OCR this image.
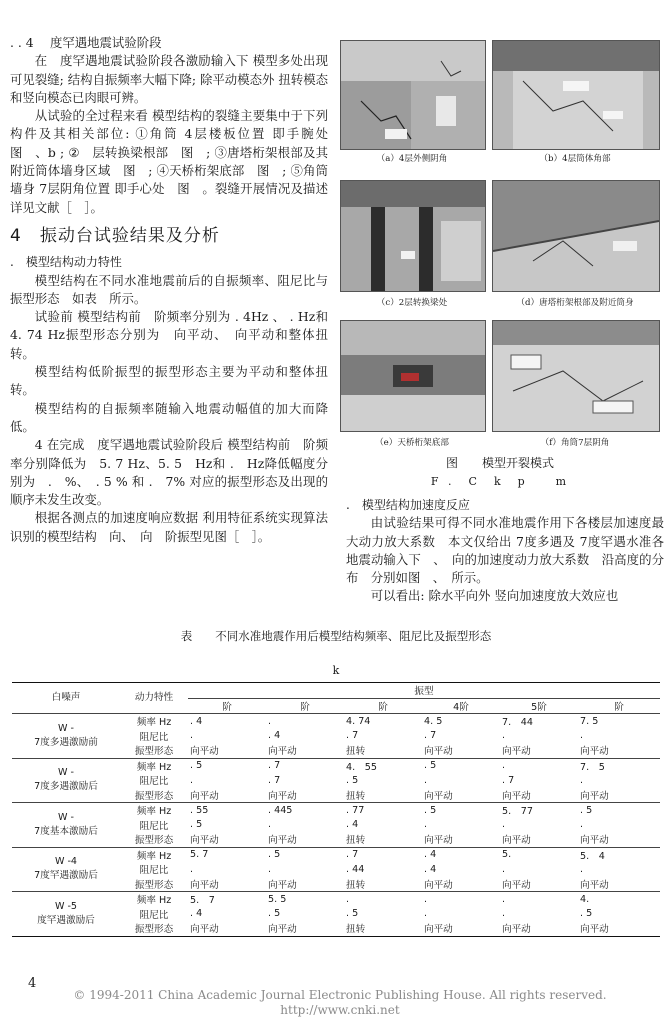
. . 4　 度罕遇地震试验阶段

在　度罕遇地震试验阶段各激励输入下 模型多处出现可见裂缝; 结构自振频率大幅下降; 除平动模态外 扭转模态和竖向模态已肉眼可辨。

从试验的全过程来看 模型结构的裂缝主要集中于下列构件及其相关部位: ①角筒 4层楼板位置 即手腕处　图　、b ; ②　层转换梁根部　图　; ③唐塔桁架根部及其附近筒体墙身区域　图　; ④天桥桁架底部　图　; ⑤角筒墙身 7层阴角位置 即手心处　图　。裂缝开展情况及描述详见文献［　］。

4　振动台试验结果及分析

.　模型结构动力特性

模型结构在不同水准地震前后的自振频率、阻尼比与振型形态　如表　所示。

试验前 模型结构前　阶频率分别为 . 4Hz 、 . Hz和　4. 74 Hz振型形态分别为　向平动、　向平动和整体扭转。

模型结构低阶振型的振型形态主要为平动和整体扭转。

模型结构的自振频率随输入地震动幅值的加大而降低。

4 在完成　度罕遇地震试验阶段后 模型结构前　阶频率分别降低为　5. 7 Hz、5. 5　Hz和 .　Hz降低幅度分别为　.　%、　. 5 % 和 .　7% 对应的振型形态及出现的顺序未发生改变。

根据各测点的加速度响应数据 利用特征系统实现算法识别的模型结构　向、　向　阶振型见图［　］。

（a）4层外侧阴角	（b）4层筒体角部
（c）2层转换梁处	（d）唐塔桁架根部及附近筒身
（e）天桥桁架底部	（f）角筒7层阴角
图　　模型开裂模式
F .　C　k　p　　m

.　模型结构加速度反应

由试验结果可得不同水准地震作用下各楼层加速度最大动力放大系数　本文仅给出 7度多遇及 7度罕遇水准各地震动输入下　、　向的加速度动力放大系数　沿高度的分布　分别如图　、　所示。

可以看出: 除水平向外 竖向加速度放大效应也

表　　不同水准地震作用后模型结构频率、阻尼比及振型形态
k
白噪声	动力特性	振型					
		阶	阶	阶	4阶	5阶	阶

W -
7度多遇激励前	频率 Hz	. 4	.	4. 74	4. 5	7.　44	7. 5
	阻尼比	.	. 4	. 7	. 7	.	.
	振型形态	向平动	向平动	扭转	向平动	向平动	向平动

W -
7度多遇激励后	频率 Hz	. 5	. 7	4.　55	. 5	.	7.　5
	阻尼比	.	. 7	. 5	.	. 7	.
	振型形态	向平动	向平动	扭转	向平动	向平动	向平动

W -
7度基本激励后	频率 Hz	. 55	. 445	. 77	. 5	5.　77	. 5
	阻尼比	. 5	.	. 4	.	.	.
	振型形态	向平动	向平动	扭转	向平动	向平动	向平动

W -4
7度罕遇激励后	频率 Hz	5. 7	. 5	. 7	. 4	5.	5.　4
	阻尼比	.	.	. 44	. 4	.	.
	振型形态	向平动	向平动	扭转	向平动	向平动	向平动

W -5
度罕遇激励后	频率 Hz	5.　7	5. 5	.	.	.	4.
	阻尼比	. 4	. 5	. 5	.	.	. 5
	振型形态	向平动	向平动	扭转	向平动	向平动	向平动
4
© 1994-2011 China Academic Journal Electronic Publishing House. All rights reserved.　 http://www.cnki.net
